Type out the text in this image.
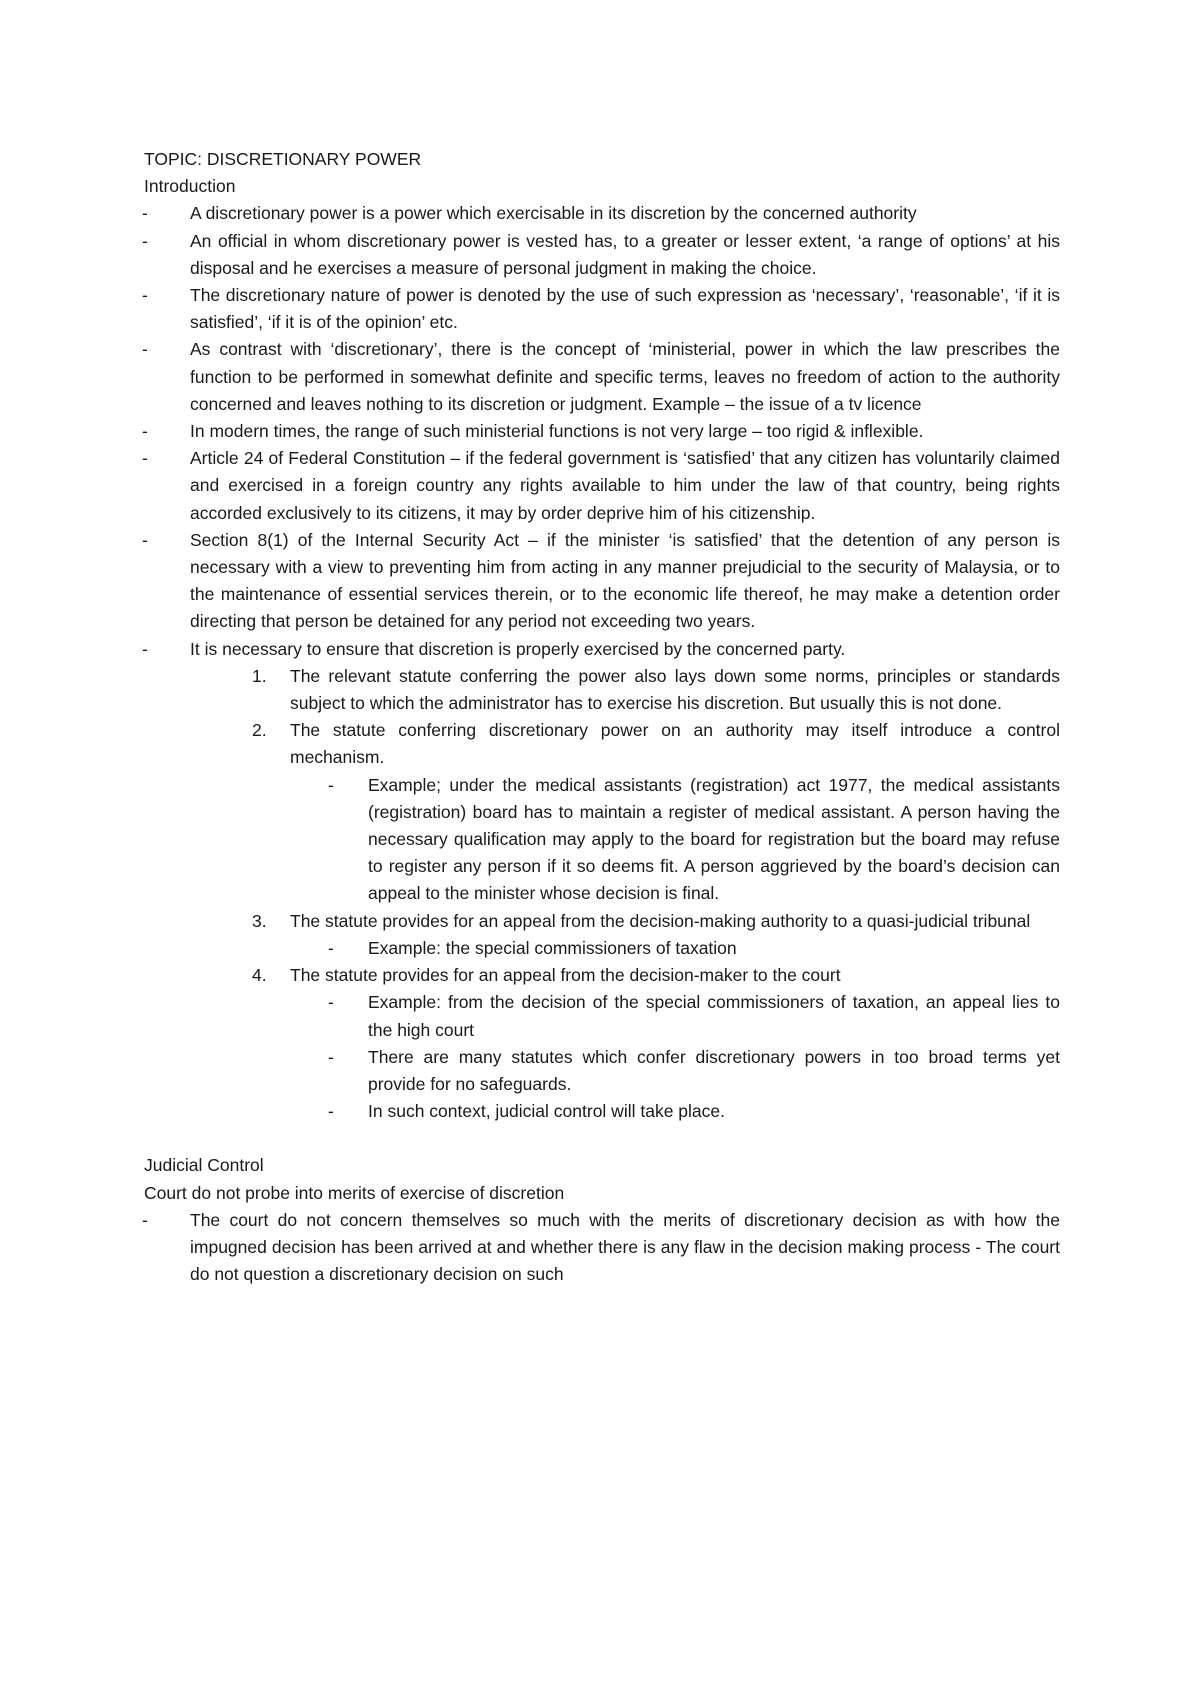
TOPIC: DISCRETIONARY POWER

Introduction

A discretionary power is a power which exercisable in its discretion by the concerned authority
An official in whom discretionary power is vested has, to a greater or lesser extent, ‘a range of options’ at his disposal and he exercises a measure of personal judgment in making the choice.
The discretionary nature of power is denoted by the use of such expression as ‘necessary’, ‘reasonable’, ‘if it is satisfied’, ‘if it is of the opinion’ etc.
As contrast with ‘discretionary’, there is the concept of ‘ministerial, power in which the law prescribes the function to be performed in somewhat definite and specific terms, leaves no freedom of action to the authority concerned and leaves nothing to its discretion or judgment. Example – the issue of a tv licence
In modern times, the range of such ministerial functions is not very large – too rigid & inflexible.
Article 24 of Federal Constitution – if the federal government is ‘satisfied’ that any citizen has voluntarily claimed and exercised in a foreign country any rights available to him under the law of that country, being rights accorded exclusively to its citizens, it may by order deprive him of his citizenship.
Section 8(1) of the Internal Security Act – if the minister ‘is satisfied’ that the detention of any person is necessary with a view to preventing him from acting in any manner prejudicial to the security of Malaysia, or to the maintenance of essential services therein, or to the economic life thereof, he may make a detention order directing that person be detained for any period not exceeding two years.
It is necessary to ensure that discretion is properly exercised by the concerned party.
1. The relevant statute conferring the power also lays down some norms, principles or standards subject to which the administrator has to exercise his discretion. But usually this is not done.
2. The statute conferring discretionary power on an authority may itself introduce a control mechanism.
- Example; under the medical assistants (registration) act 1977, the medical assistants (registration) board has to maintain a register of medical assistant. A person having the necessary qualification may apply to the board for registration but the board may refuse to register any person if it so deems fit. A person aggrieved by the board’s decision can appeal to the minister whose decision is final.
3. The statute provides for an appeal from the decision-making authority to a quasi-judicial tribunal
- Example: the special commissioners of taxation
4. The statute provides for an appeal from the decision-maker to the court
- Example: from the decision of the special commissioners of taxation, an appeal lies to the high court
- There are many statutes which confer discretionary powers in too broad terms yet provide for no safeguards.
- In such context, judicial control will take place.

Judicial Control

Court do not probe into merits of exercise of discretion

The court do not concern themselves so much with the merits of discretionary decision as with how the impugned decision has been arrived at and whether there is any flaw in the decision making process - The court do not question a discretionary decision on such
